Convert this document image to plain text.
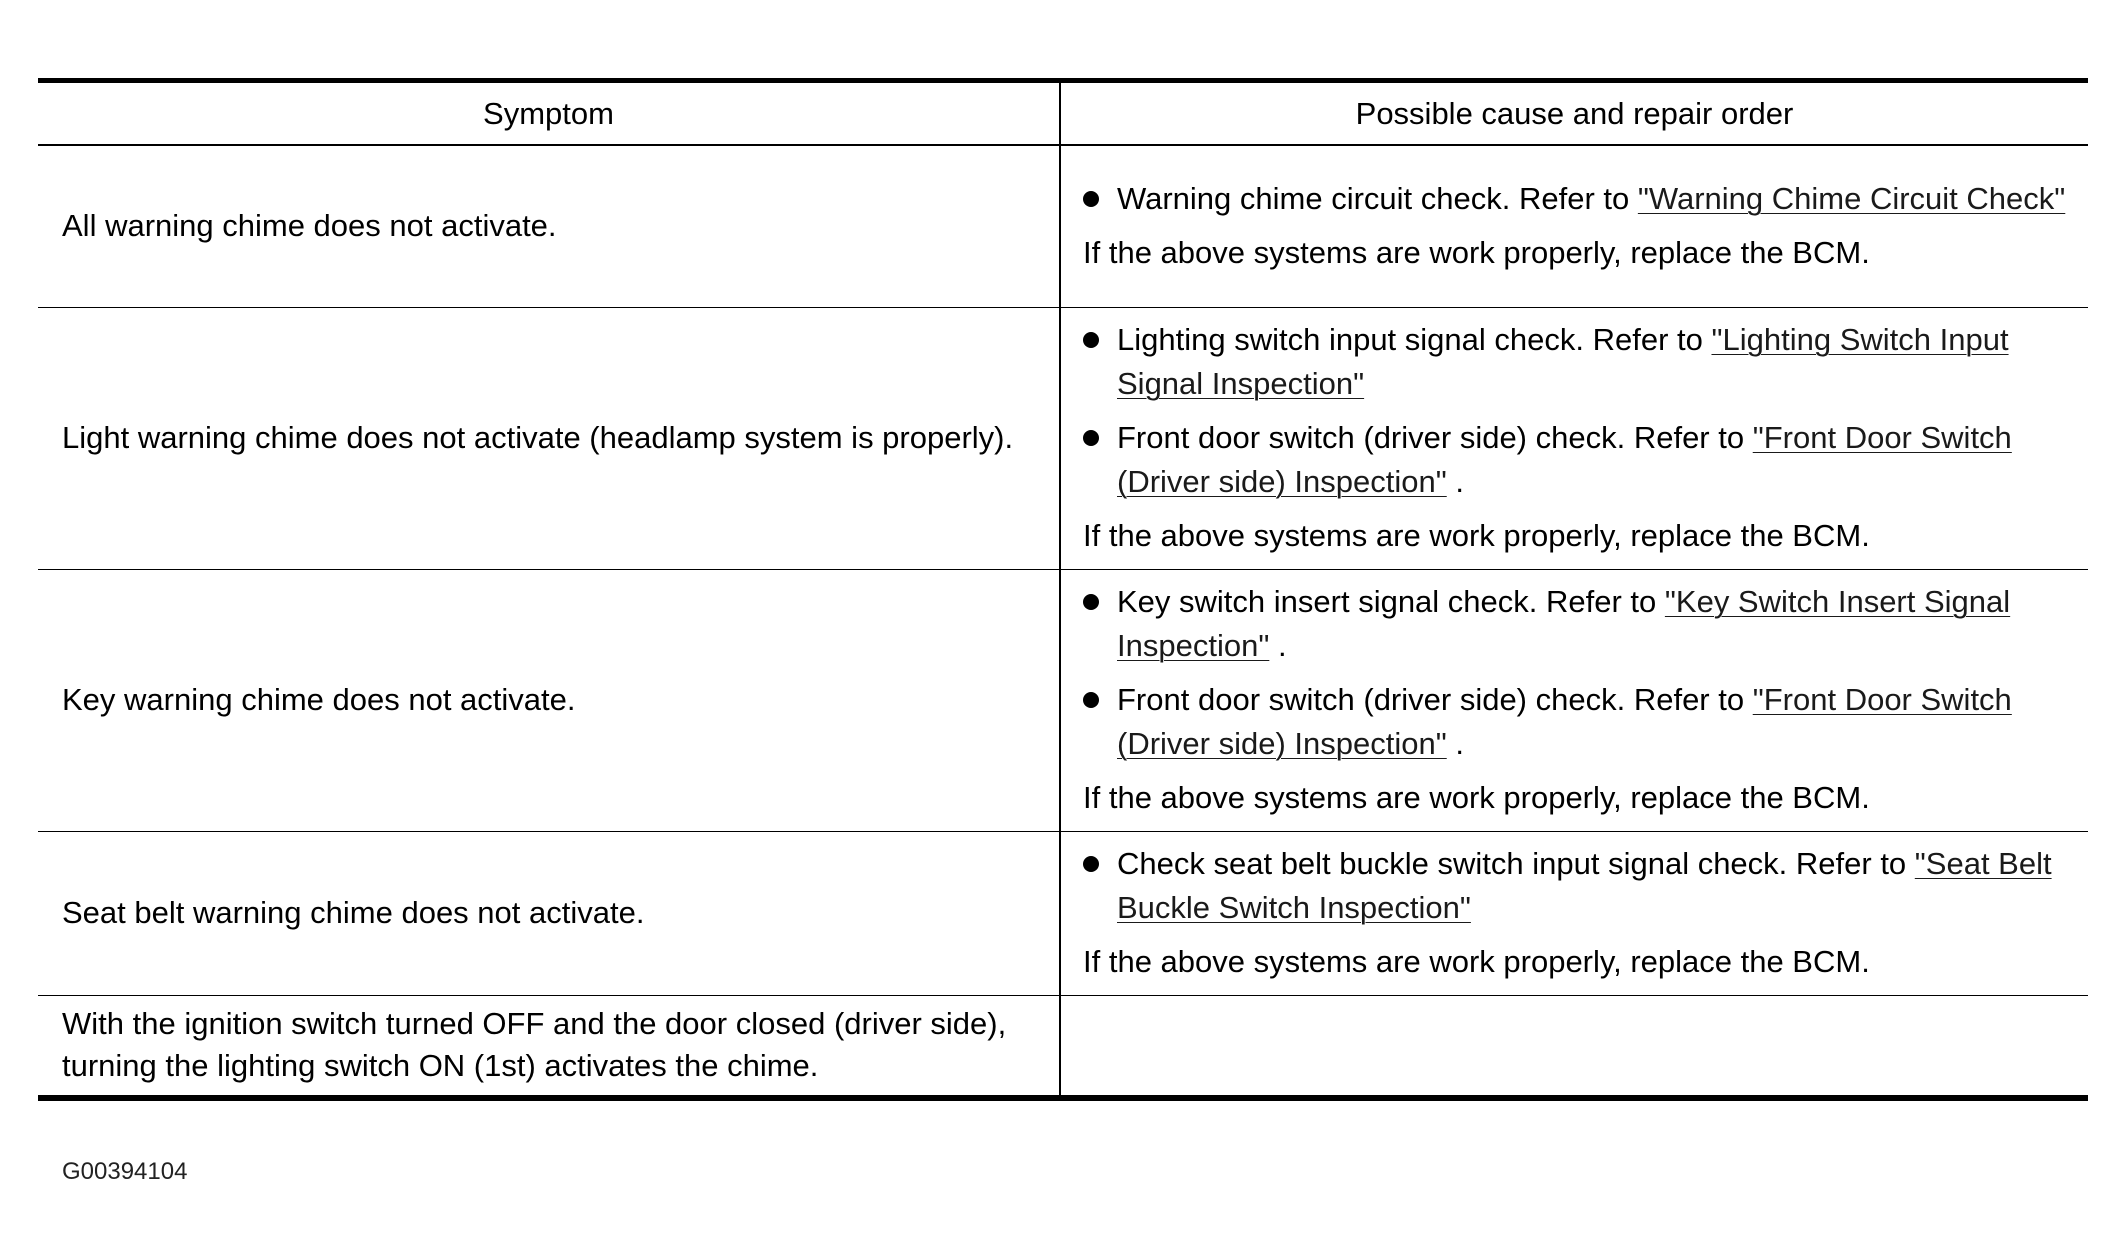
Symptom	Possible cause and repair order
All warning chime does not activate.	Warning chime circuit check. Refer to "Warning Chime Circuit Check"
If the above systems are work properly, replace the BCM.

Light warning chime does not activate (headlamp system is properly).	Lighting switch input signal check. Refer to "Lighting Switch Input Signal Inspection"
Front door switch (driver side) check. Refer to "Front Door Switch (Driver side) Inspection" .
If the above systems are work properly, replace the BCM.

Key warning chime does not activate.	Key switch insert signal check. Refer to "Key Switch Insert Signal Inspection" .
Front door switch (driver side) check. Refer to "Front Door Switch (Driver side) Inspection" .
If the above systems are work properly, replace the BCM.

Seat belt warning chime does not activate.	Check seat belt buckle switch input signal check. Refer to "Seat Belt Buckle Switch Inspection"
If the above systems are work properly, replace the BCM.

With the ignition switch turned OFF and the door closed (driver side), turning the lighting switch ON (1st) activates the chime.	
G00394104
